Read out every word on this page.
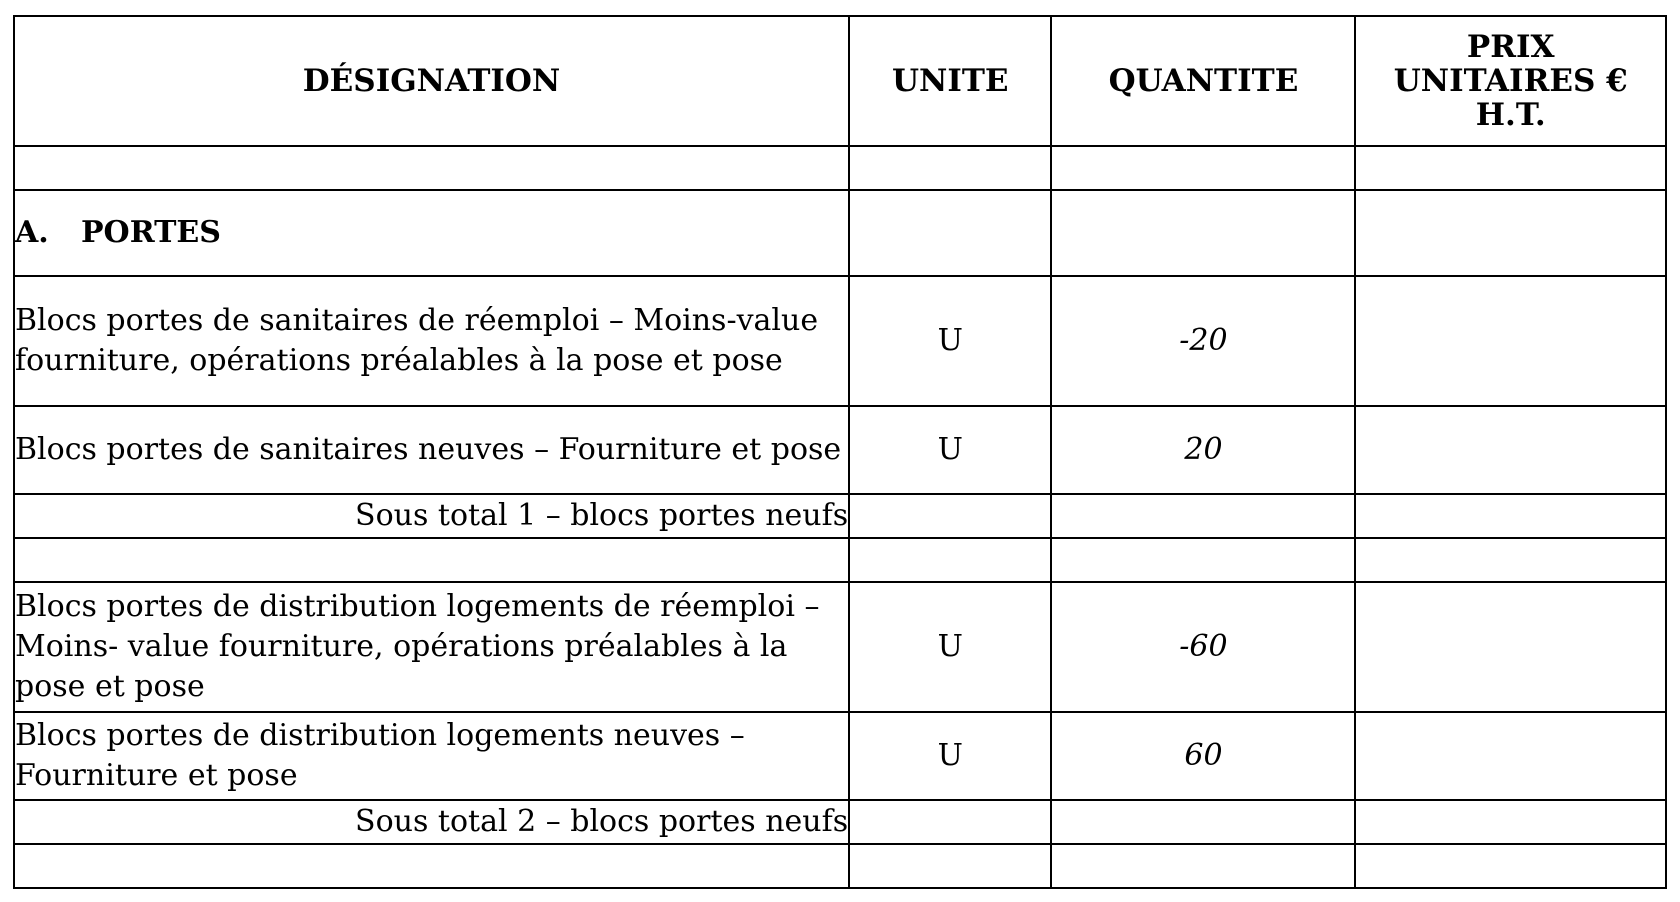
DÉSIGNATION	UNITE	QUANTITE	PRIX
UNITAIRES €
H.T.

A. PORTES			
Blocs portes de sanitaires de réemploi – Moins-value fourniture, opérations préalables à la pose et pose	U	-20	
Blocs portes de sanitaires neuves – Fourniture et pose	U	20	
Sous total 1 – blocs portes neufs			

Blocs portes de distribution logements de réemploi – Moins- value fourniture, opérations préalables à la pose et pose	U	-60	
Blocs portes de distribution logements neuves – Fourniture et pose	U	60	
Sous total 2 – blocs portes neufs			
